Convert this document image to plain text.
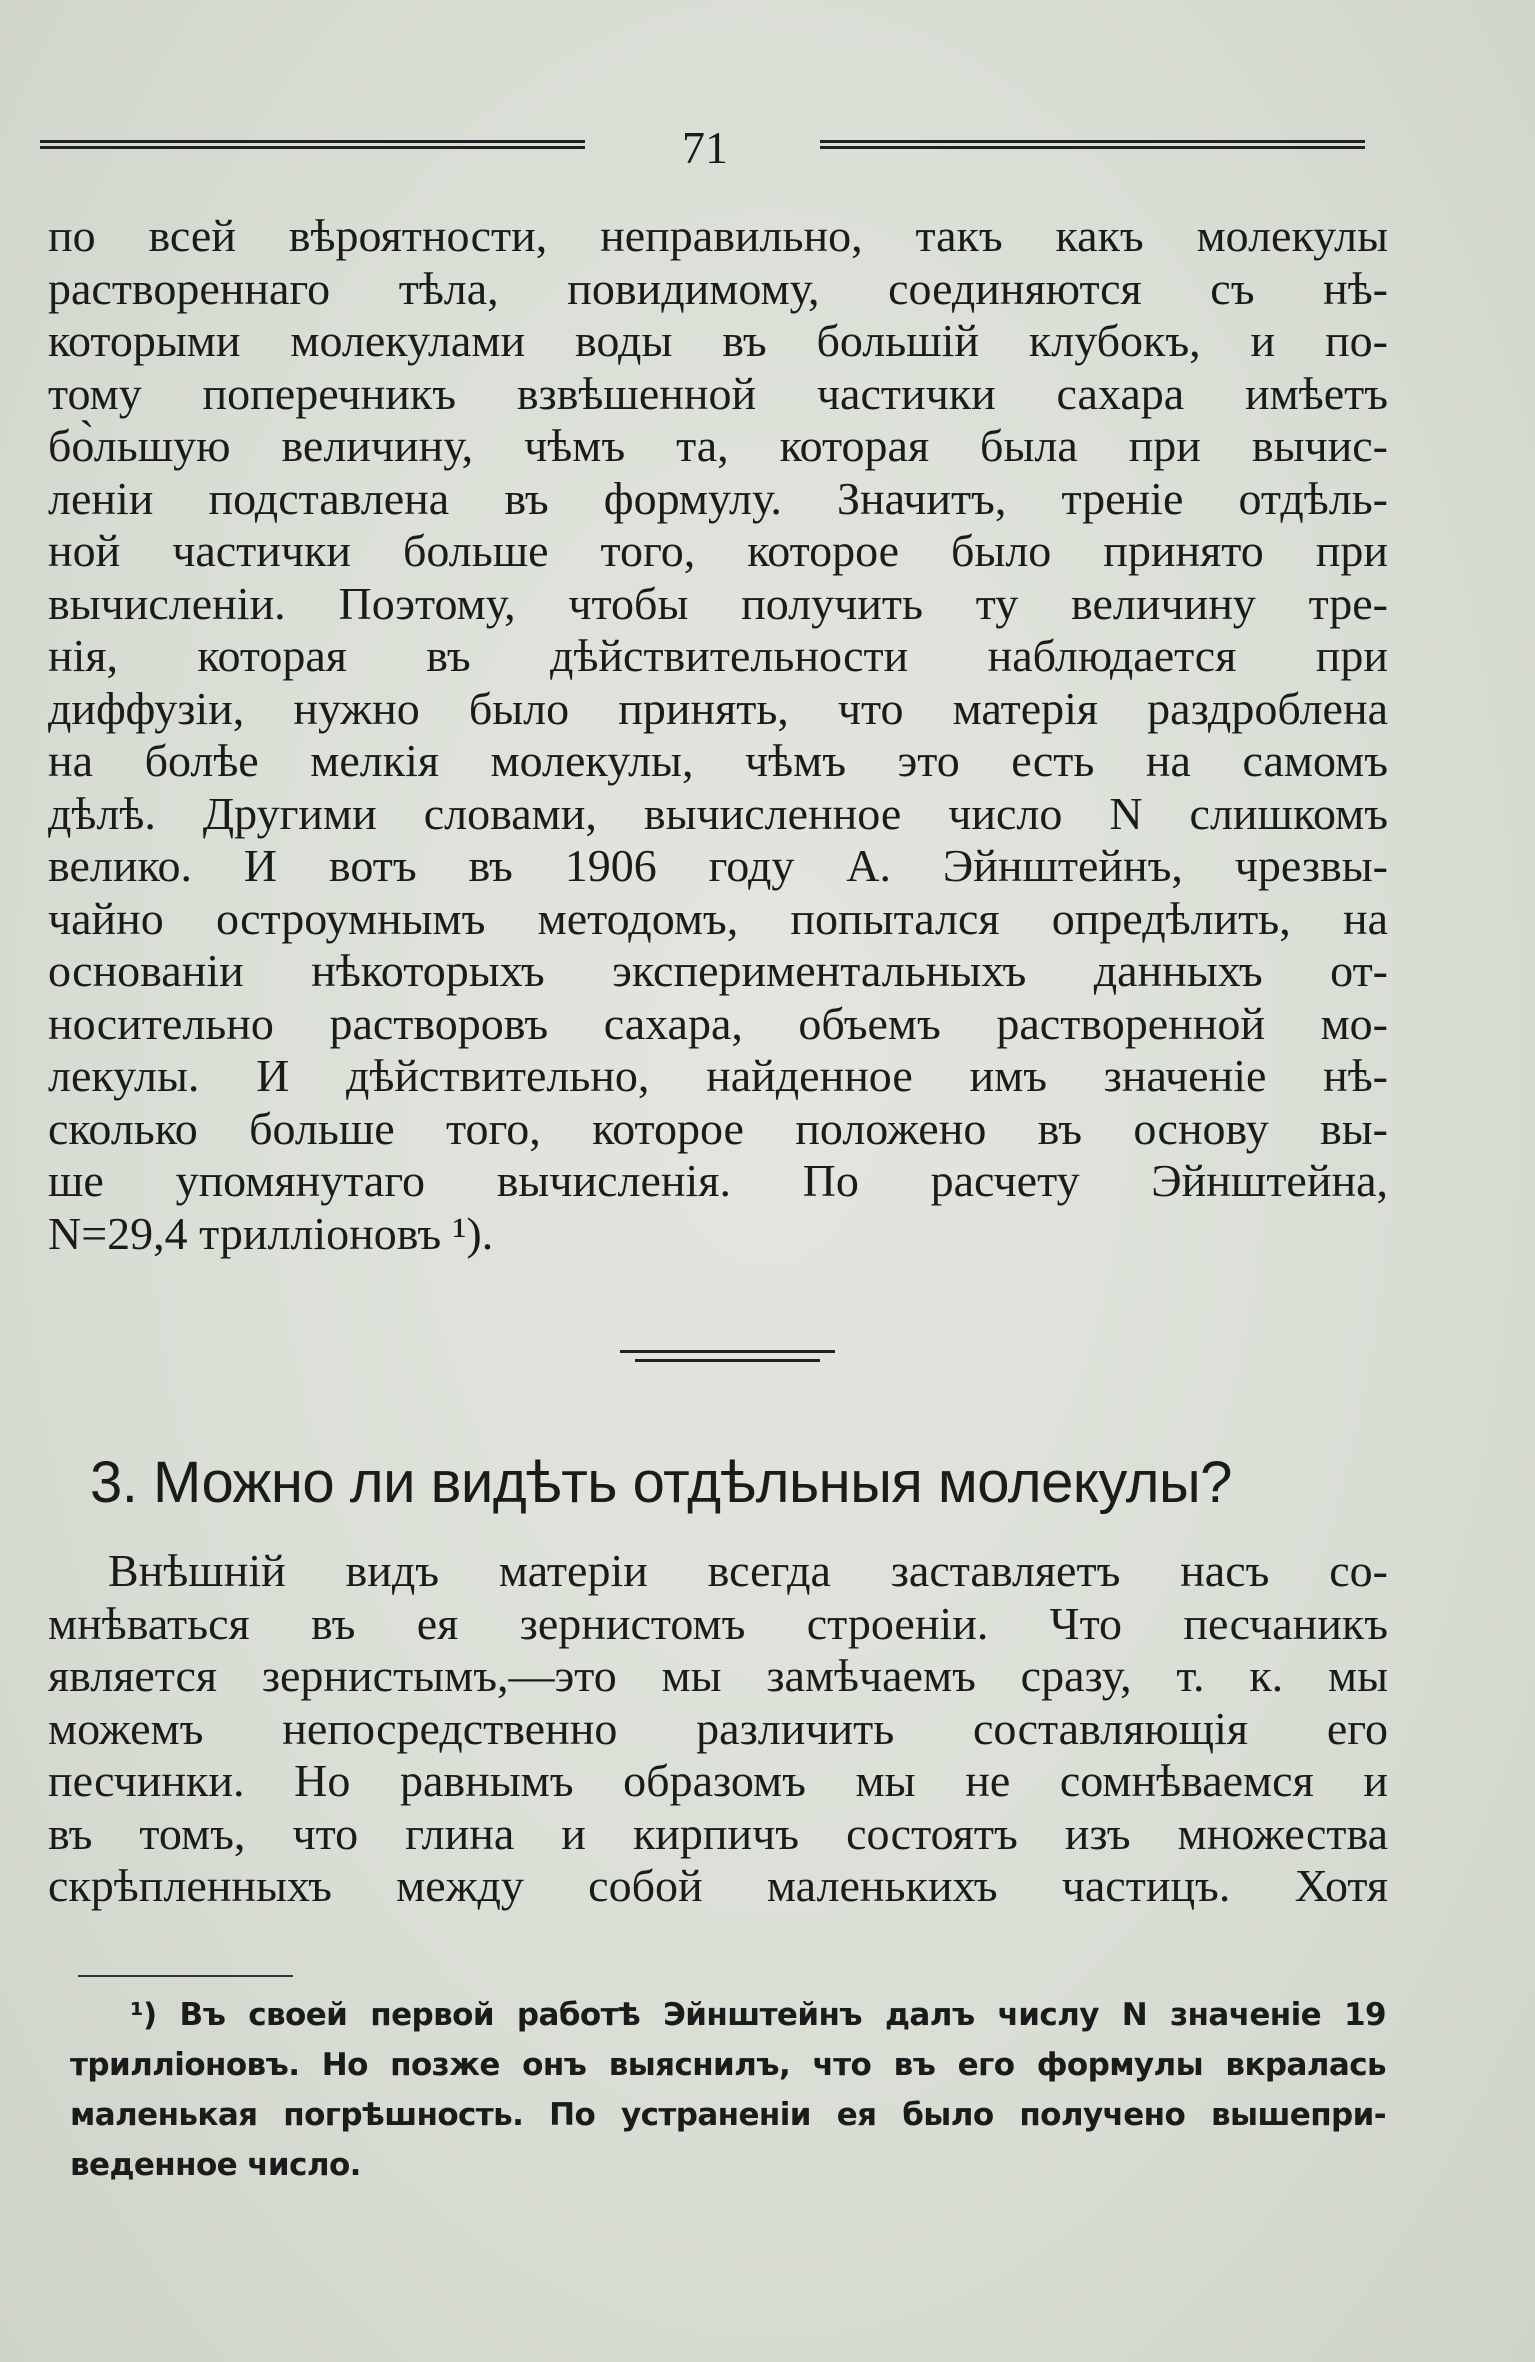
71
по всей вѣроятности, неправильно, такъ какъ молекулы
раствореннаго тѣла, повидимому, соединяются съ нѣ-
которыми молекулами воды въ большій клубокъ, и по-
тому поперечникъ взвѣшенной частички сахара имѣетъ
бо̀льшую величину, чѣмъ та, которая была при вычис-
леніи подставлена въ формулу. Значитъ, треніе отдѣль-
ной частички больше того, которое было принято при
вычисленіи. Поэтому, чтобы получить ту величину тре-
нія, которая въ дѣйствительности наблюдается при
диффузіи, нужно было принять, что матерія раздроблена
на болѣе мелкія молекулы, чѣмъ это есть на самомъ
дѣлѣ. Другими словами, вычисленное число N слишкомъ
велико. И вотъ въ 1906 году А. Эйнштейнъ, чрезвы-
чайно остроумнымъ методомъ, попытался опредѣлить, на
основаніи нѣкоторыхъ экспериментальныхъ данныхъ от-
носительно растворовъ сахара, объемъ растворенной мо-
лекулы. И дѣйствительно, найденное имъ значеніе нѣ-
сколько больше того, которое положено въ основу вы-
ше упомянутаго вычисленія. По расчету Эйнштейна,
N=29,4 трилліоновъ ¹).
3. Можно ли видѣть отдѣльныя молекулы?
Внѣшній видъ матеріи всегда заставляетъ насъ со-
мнѣваться въ ея зернистомъ строеніи. Что песчаникъ
является зернистымъ,—это мы замѣчаемъ сразу, т. к. мы
можемъ непосредственно различить составляющія его
песчинки. Но равнымъ образомъ мы не сомнѣваемся и
въ томъ, что глина и кирпичъ состоятъ изъ множества
скрѣпленныхъ между собой маленькихъ частицъ. Хотя
¹) Въ своей первой работѣ Эйнштейнъ далъ числу N значеніе 19
трилліоновъ. Но позже онъ выяснилъ, что въ его формулы вкралась
маленькая погрѣшность. По устраненіи ея было получено вышепри-
веденное число.
